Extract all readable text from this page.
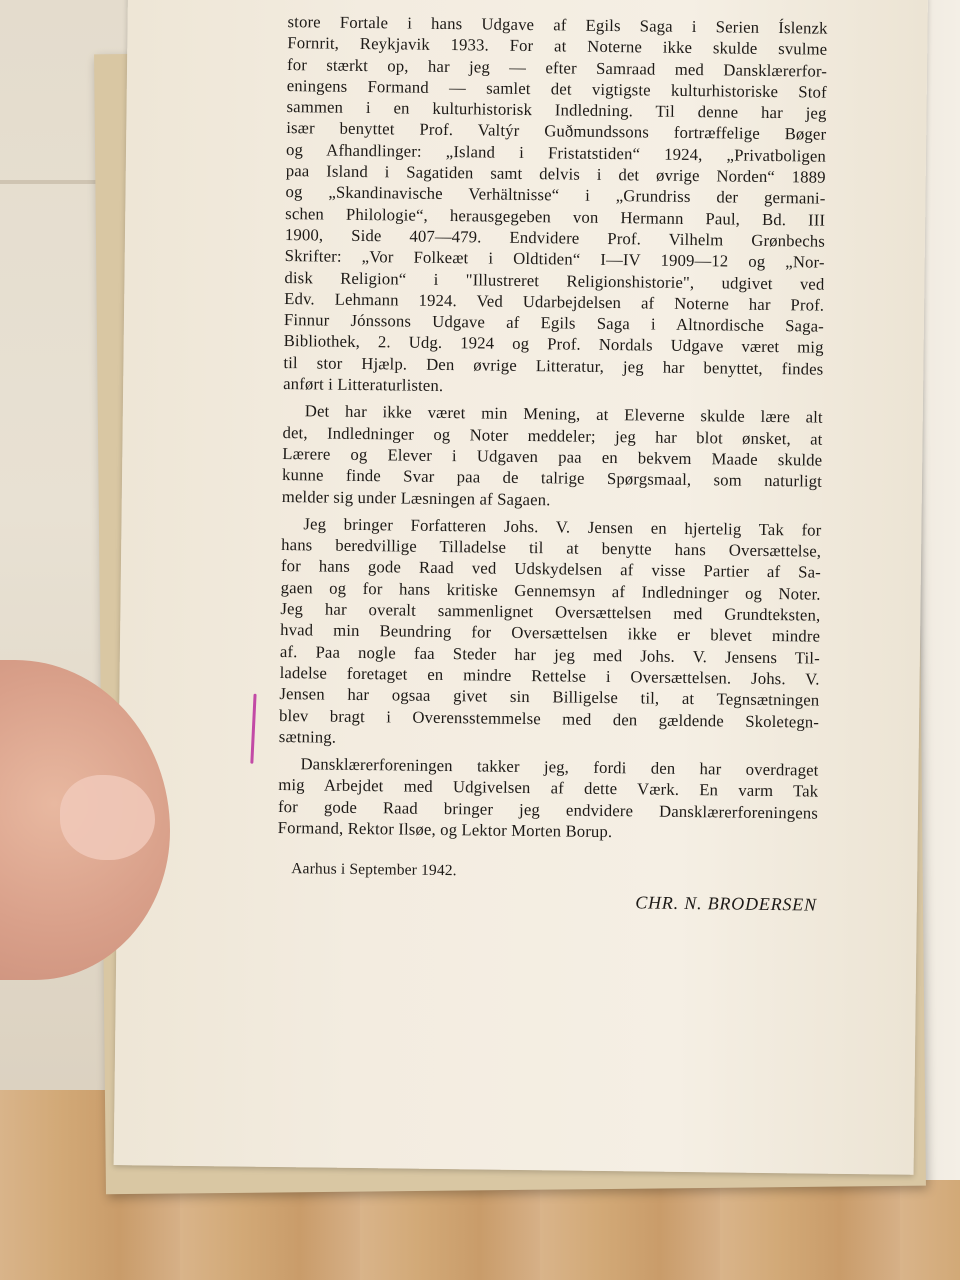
store Fortale i hans Udgave af Egils Saga i Serien Íslenzk
Fornrit, Reykjavik 1933. For at Noterne ikke skulde svulme
for stærkt op, har jeg — efter Samraad med Dansklærerfor-
eningens Formand — samlet det vigtigste kulturhistoriske Stof
sammen i en kulturhistorisk Indledning. Til denne har jeg
især benyttet Prof. Valtýr Guðmundssons fortræffelige Bøger
og Afhandlinger: „Island i Fristatstiden“ 1924, „Privatboligen
paa Island i Sagatiden samt delvis i det øvrige Norden“ 1889
og „Skandinavische Verhältnisse“ i „Grundriss der germani-
schen Philologie“, herausgegeben von Hermann Paul, Bd. III
1900, Side 407—479. Endvidere Prof. Vilhelm Grønbechs
Skrifter: „Vor Folkeæt i Oldtiden“ I—IV 1909—12 og „Nor-
disk Religion“ i "Illustreret Religionshistorie", udgivet ved
Edv. Lehmann 1924. Ved Udarbejdelsen af Noterne har Prof.
Finnur Jónssons Udgave af Egils Saga i Altnordische Saga-
Bibliothek, 2. Udg. 1924 og Prof. Nordals Udgave været mig
til stor Hjælp. Den øvrige Litteratur, jeg har benyttet, findes
anført i Litteraturlisten.

Det har ikke været min Mening, at Eleverne skulde lære alt
det, Indledninger og Noter meddeler; jeg har blot ønsket, at
Lærere og Elever i Udgaven paa en bekvem Maade skulde
kunne finde Svar paa de talrige Spørgsmaal, som naturligt
melder sig under Læsningen af Sagaen.

Jeg bringer Forfatteren Johs. V. Jensen en hjertelig Tak for
hans beredvillige Tilladelse til at benytte hans Oversættelse,
for hans gode Raad ved Udskydelsen af visse Partier af Sa-
gaen og for hans kritiske Gennemsyn af Indledninger og Noter.
Jeg har overalt sammenlignet Oversættelsen med Grundteksten,
hvad min Beundring for Oversættelsen ikke er blevet mindre
af. Paa nogle faa Steder har jeg med Johs. V. Jensens Til-
ladelse foretaget en mindre Rettelse i Oversættelsen. Johs. V.
Jensen har ogsaa givet sin Billigelse til, at Tegnsætningen
blev bragt i Overensstemmelse med den gældende Skoletegn-
sætning.

Dansklærerforeningen takker jeg, fordi den har overdraget
mig Arbejdet med Udgivelsen af dette Værk. En varm Tak
for gode Raad bringer jeg endvidere Dansklærerforeningens
Formand, Rektor Ilsøe, og Lektor Morten Borup.

Aarhus i September 1942.
CHR. N. BRODERSEN
